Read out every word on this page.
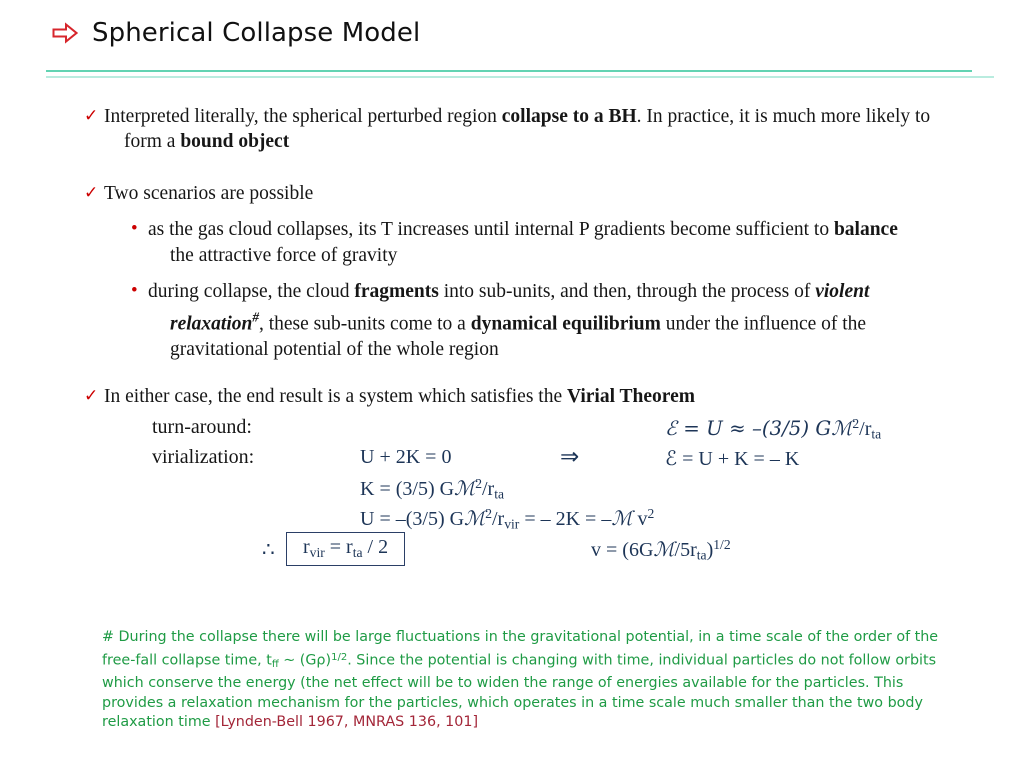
Spherical Collapse Model
✓ Interpreted literally, the spherical perturbed region collapse to a BH. In practice, it is much more likely to form a bound object
✓ Two scenarios are possible
• as the gas cloud collapses, its T increases until internal P gradients become sufficient to balance the attractive force of gravity
• during collapse, the cloud fragments into sub-units, and then, through the process of violent relaxation#, these sub-units come to a dynamical equilibrium under the influence of the gravitational potential of the whole region
✓ In either case, the end result is a system which satisfies the Virial Theorem
turn-around:	ℰ = U ≈ –(3/5) $Gℳ^2/r_{ta}$
virialization:	U + 2K = 0	⇒	ℰ = U + K = – K
K = (3/5) $Gℳ^2/r_{ta}$
U = –(3/5) $Gℳ^2/r_{vir}$ = – 2K = –ℳ $v^2$
∴	$r_{vir} = r_{ta} / 2$	$v = (6Gℳ/5r_{ta})^{1/2}$
# During the collapse there will be large fluctuations in the gravitational potential, in a time scale of the order of the free-fall collapse time, $t_{ff}$ ~ $(G\rho)^{1/2}$. Since the potential is changing with time, individual particles do not follow orbits which conserve the energy (the net effect will be to widen the range of energies available for the particles. This provides a relaxation mechanism for the particles, which operates in a time scale much smaller than the two body relaxation time [Lynden-Bell 1967, MNRAS 136, 101]
